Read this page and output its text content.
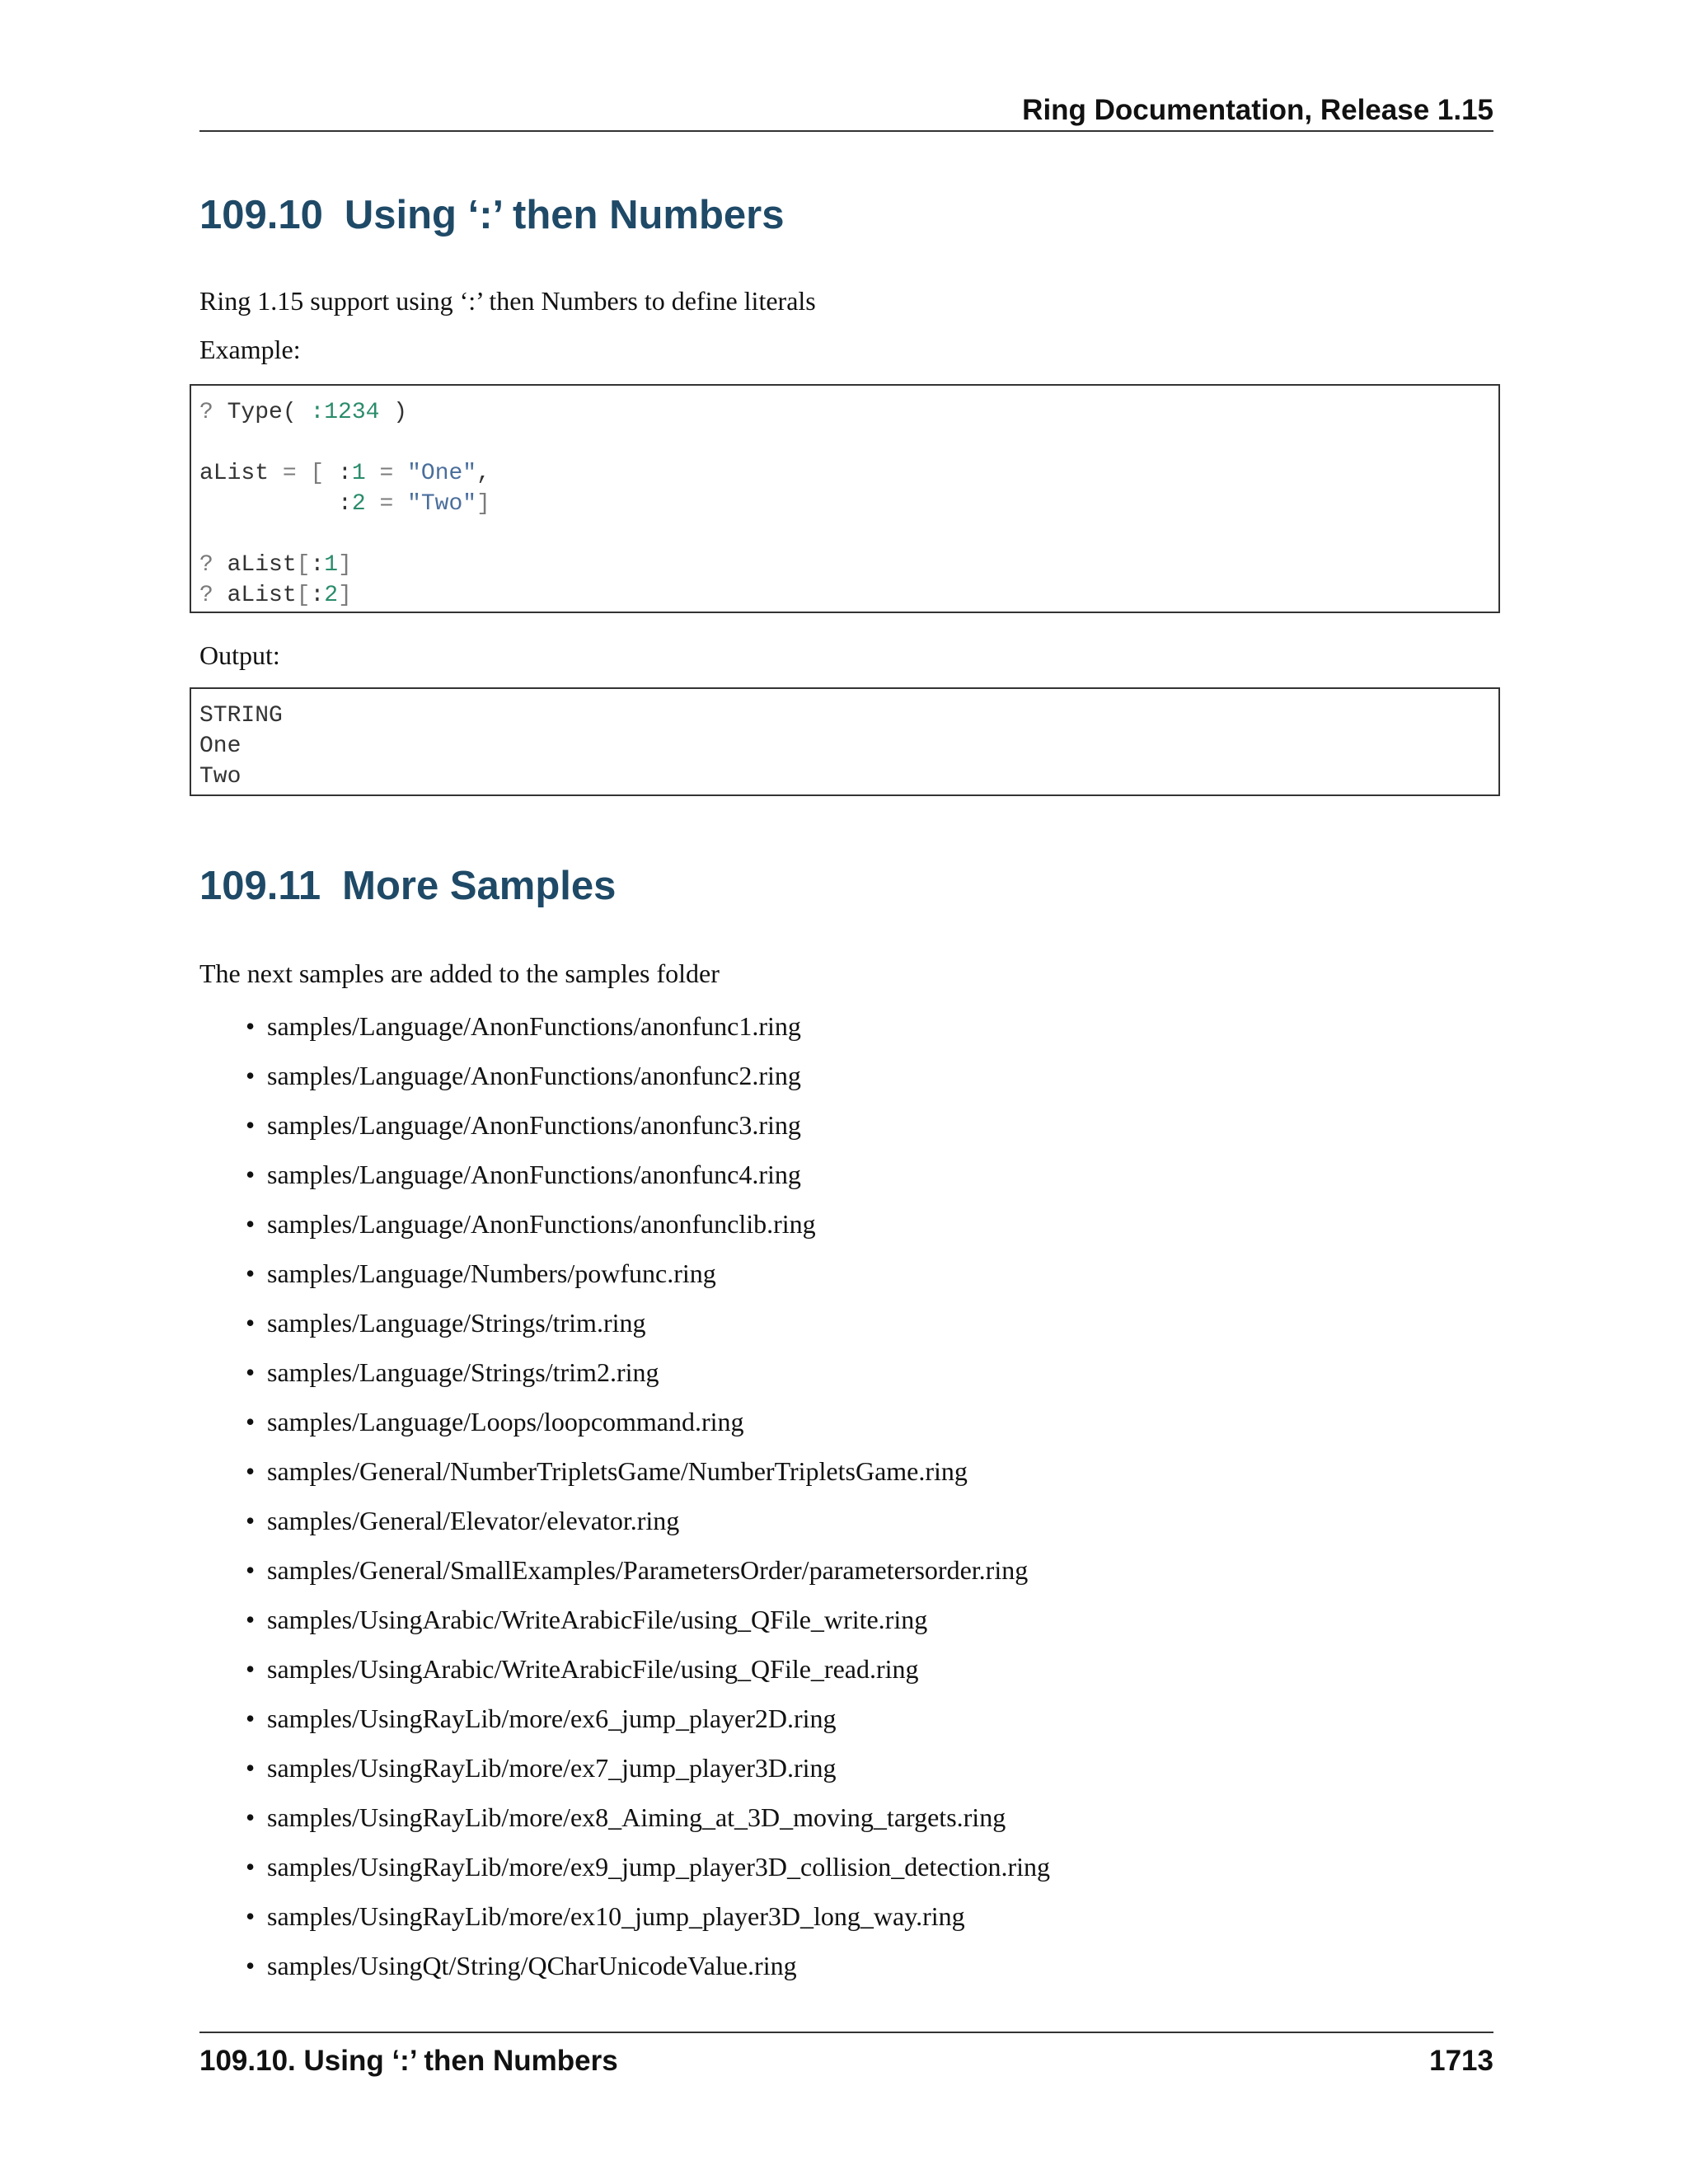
Ring Documentation, Release 1.15
109.10 Using ‘:’ then Numbers

Ring 1.15 support using ‘:’ then Numbers to define literals

Example:

? Type( :1234 )
aList = [ :1 = "One",
:2 = "Two"]
? aList[:1]
? aList[:2]

Output:

STRING
One
Two
109.11 More Samples

The next samples are added to the samples folder

• samples/Language/AnonFunctions/anonfunc1.ring
• samples/Language/AnonFunctions/anonfunc2.ring
• samples/Language/AnonFunctions/anonfunc3.ring
• samples/Language/AnonFunctions/anonfunc4.ring
• samples/Language/AnonFunctions/anonfunclib.ring
• samples/Language/Numbers/powfunc.ring
• samples/Language/Strings/trim.ring
• samples/Language/Strings/trim2.ring
• samples/Language/Loops/loopcommand.ring
• samples/General/NumberTripletsGame/NumberTripletsGame.ring
• samples/General/Elevator/elevator.ring
• samples/General/SmallExamples/ParametersOrder/parametersorder.ring
• samples/UsingArabic/WriteArabicFile/using_QFile_write.ring
• samples/UsingArabic/WriteArabicFile/using_QFile_read.ring
• samples/UsingRayLib/more/ex6_jump_player2D.ring
• samples/UsingRayLib/more/ex7_jump_player3D.ring
• samples/UsingRayLib/more/ex8_Aiming_at_3D_moving_targets.ring
• samples/UsingRayLib/more/ex9_jump_player3D_collision_detection.ring
• samples/UsingRayLib/more/ex10_jump_player3D_long_way.ring
• samples/UsingQt/String/QCharUnicodeValue.ring
109.10. Using ‘:’ then Numbers	1713
